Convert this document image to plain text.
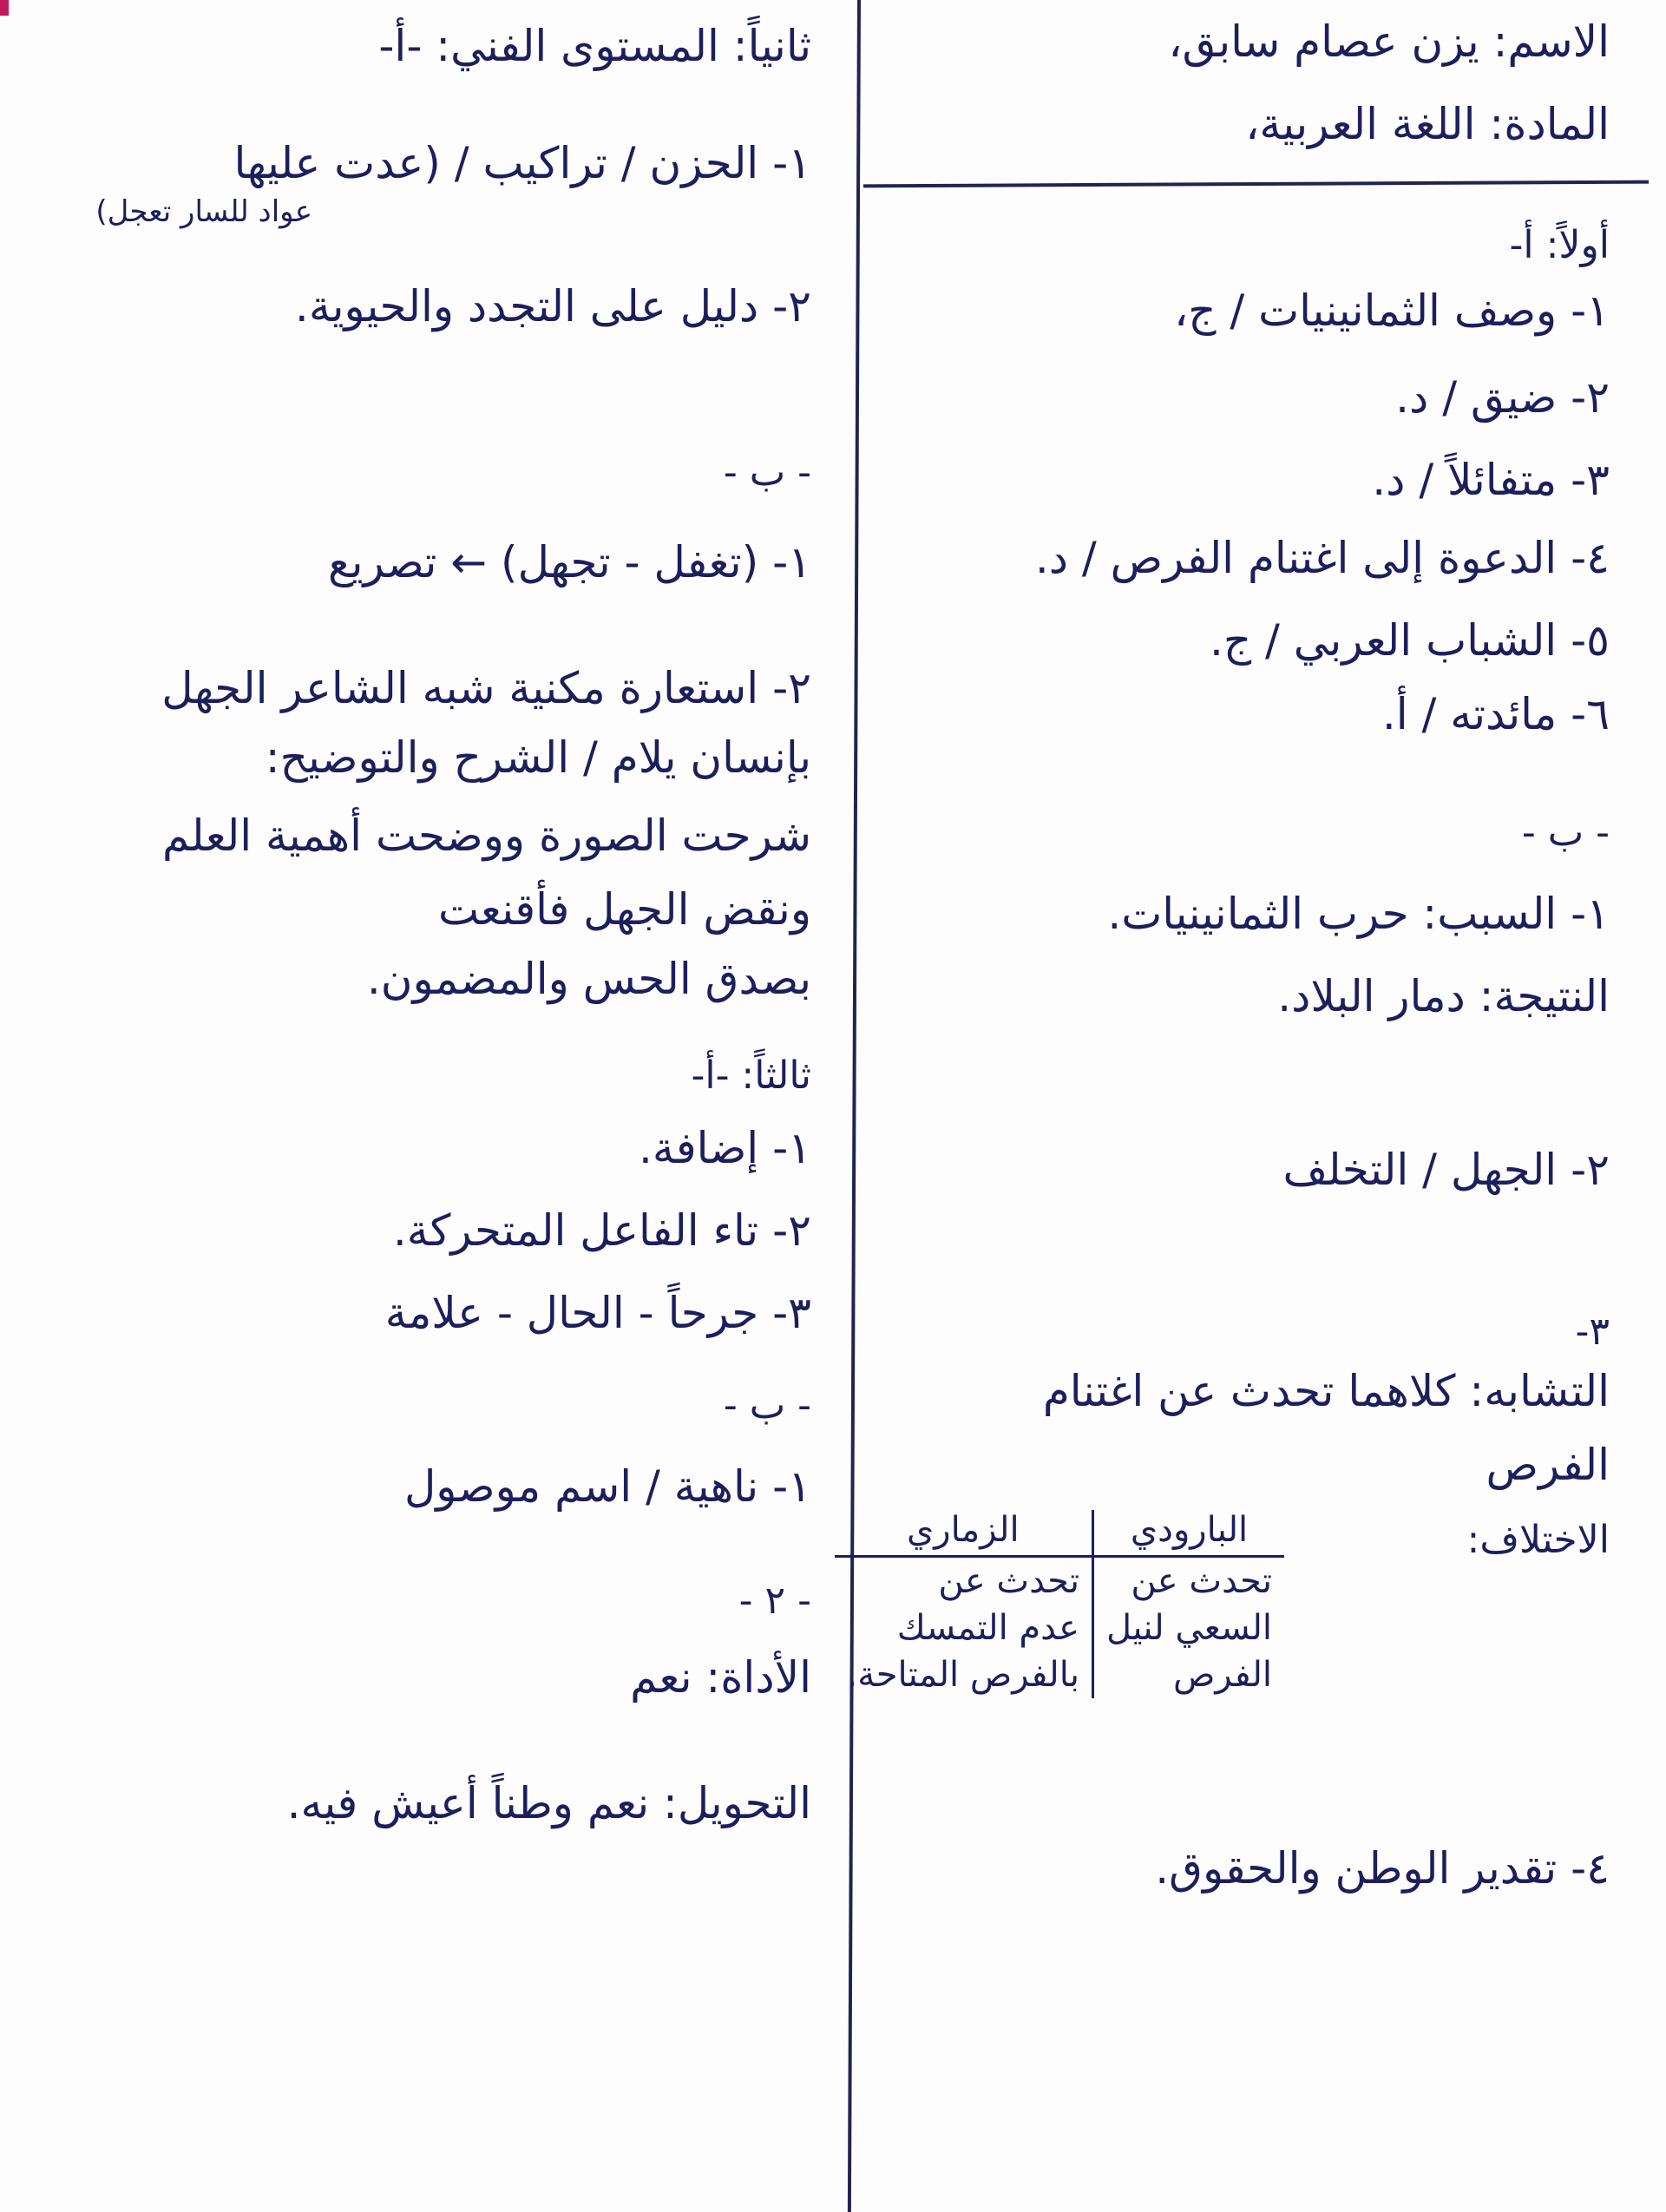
الاسم: يزن عصام سابق،
المادة: اللغة العربية،
أولاً: أ-
١- وصف الثمانينيات / ج،
٢- ضيق / د.
٣- متفائلاً / د.
٤- الدعوة إلى اغتنام الفرص / د.
٥- الشباب العربي / ج.
٦- مائدته / أ.
- ب -
١- السبب: حرب الثمانينيات.
النتيجة: دمار البلاد.
٢- الجهل / التخلف
٣-
التشابه: كلاهما تحدث عن اغتنام
الفرص
الاختلاف:
البارودي	الزماري
تحدث عن	تحدث عن
السعي لنيل	عدم التمسك
الفرص	بالفرص المتاحة.
٤- تقدير الوطن والحقوق.
ثانياً: المستوى الفني: -أ-
١- الحزن / تراكيب / (عدت عليها
عواد للسار تعجل)
٢- دليل على التجدد والحيوية.
- ب -
١- (تغفل - تجهل) ← تصريع
٢- استعارة مكنية شبه الشاعر الجهل
بإنسان يلام / الشرح والتوضيح:
شرحت الصورة ووضحت أهمية العلم
ونقض الجهل فأقنعت
بصدق الحس والمضمون.
ثالثاً: -أ-
١- إضافة.
٢- تاء الفاعل المتحركة.
٣- جرحاً - الحال - علامة
- ب -
١- ناهية / اسم موصول
- ٢ -
الأداة: نعم
التحويل: نعم وطناً أعيش فيه.
